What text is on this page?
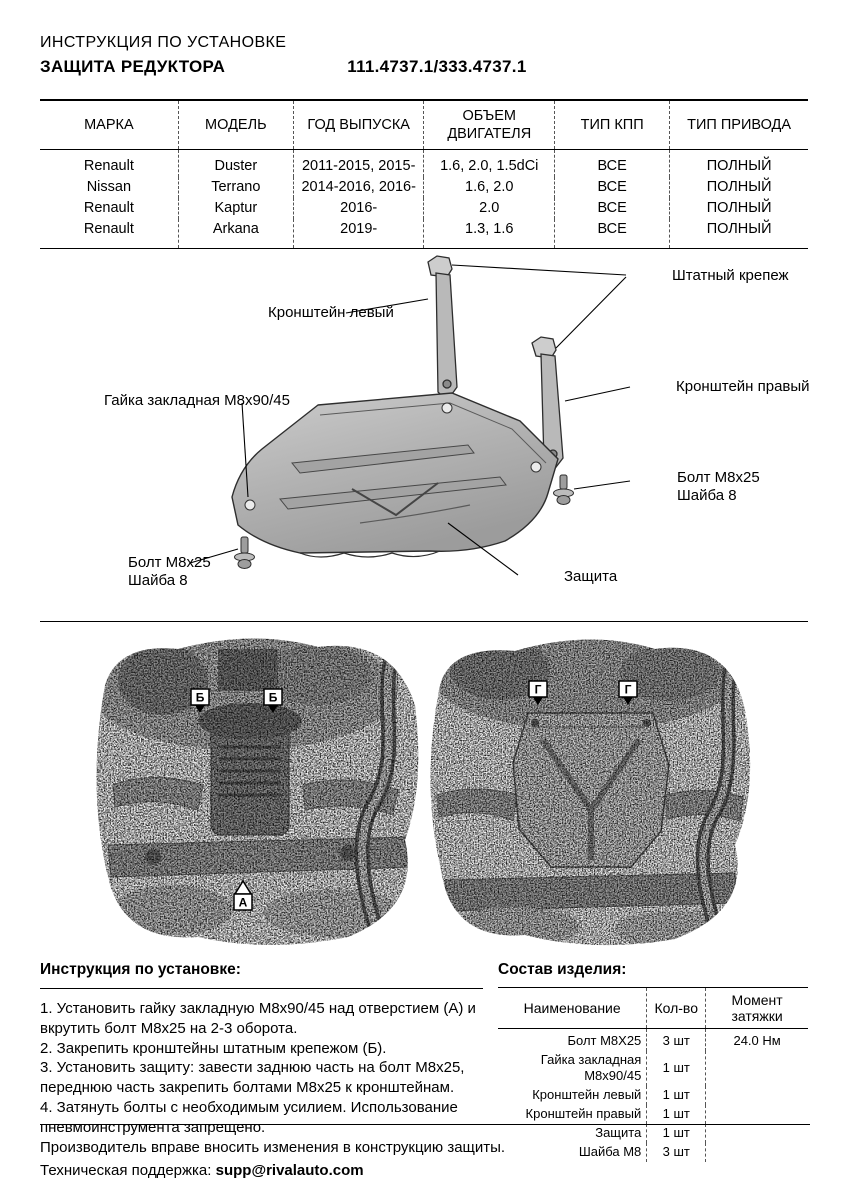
ИНСТРУКЦИЯ ПО УСТАНОВКЕ
ЗАЩИТА РЕДУКТОРА	111.4737.1/333.4737.1
МАРКА	МОДЕЛЬ	ГОД ВЫПУСКА	ОБЪЕМ ДВИГАТЕЛЯ	ТИП КПП	ТИП ПРИВОДА
Renault	Duster	2011-2015, 2015-	1.6, 2.0, 1.5dCi	ВСЕ	ПОЛНЫЙ
Nissan	Terrano	2014-2016, 2016-	1.6, 2.0	ВСЕ	ПОЛНЫЙ
Renault	Kaptur	2016-	2.0	ВСЕ	ПОЛНЫЙ
Renault	Arkana	2019-	1.3, 1.6	ВСЕ	ПОЛНЫЙ
Штатный крепеж
Кронштейн левый
Гайка закладная М8х90/45
Кронштейн правый
Болт М8х25
Шайба 8
Болт М8х25
Шайба 8	Защита
Б	Б
А
Г	Г
Инструкция по установке:

1. Установить гайку закладную М8х90/45 над отверстием (А) и вкрутить болт М8х25 на 2-3 оборота.

2. Закрепить кронштейны штатным крепежом (Б).

3. Установить защиту: завести заднюю часть на болт М8х25, переднюю часть закрепить болтами М8х25 к кронштейнам.

4. Затянуть болты с необходимым усилием. Использование пневмоинструмента запрещено.

Состав изделия:
Наименование	Кол-во	Момент затяжки
Болт М8Х25	3 шт	24.0 Нм
Гайка закладная М8х90/45	1 шт	
Кронштейн левый	1 шт	
Кронштейн правый	1 шт	
Защита	1 шт	
Шайба М8	3 шт	
Производитель вправе вносить изменения в конструкцию защиты.
Техническая поддержка: supp@rivalauto.com
